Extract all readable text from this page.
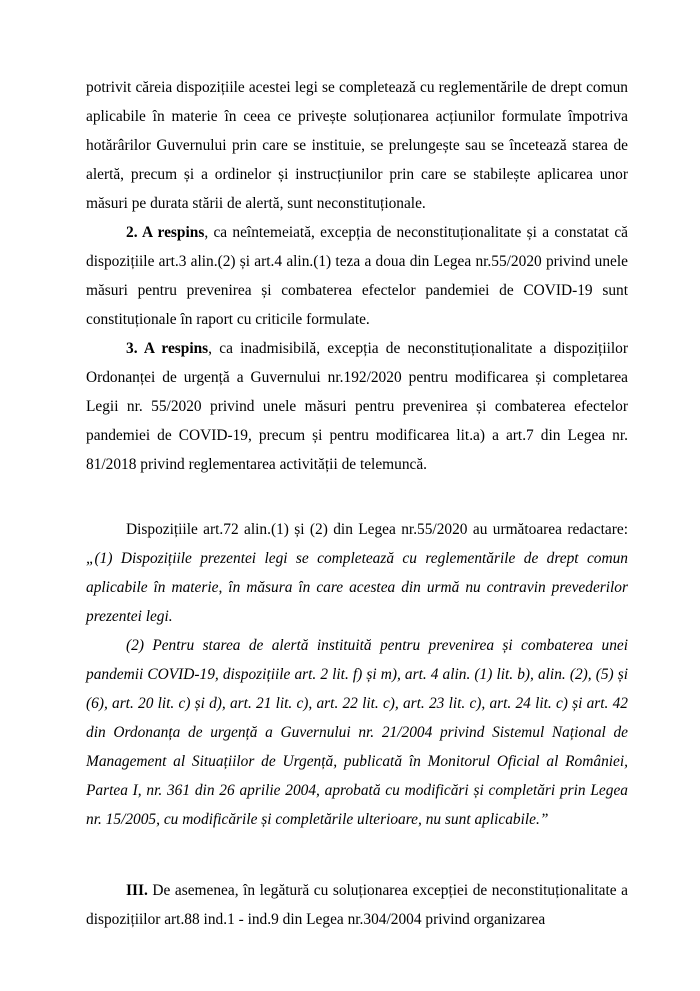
potrivit căreia dispozițiile acestei legi se completează cu reglementările de drept comun aplicabile în materie în ceea ce privește soluționarea acțiunilor formulate împotriva hotărârilor Guvernului prin care se instituie, se prelungește sau se încetează starea de alertă, precum și a ordinelor și instrucțiunilor prin care se stabilește aplicarea unor măsuri pe durata stării de alertă, sunt neconstituționale.

2. A respins, ca neîntemeiată, excepția de neconstituționalitate și a constatat că dispozițiile art.3 alin.(2) și art.4 alin.(1) teza a doua din Legea nr.55/2020 privind unele măsuri pentru prevenirea și combaterea efectelor pandemiei de COVID-19 sunt constituționale în raport cu criticile formulate.

3. A respins, ca inadmisibilă, excepția de neconstituționalitate a dispozițiilor Ordonanței de urgență a Guvernului nr.192/2020 pentru modificarea și completarea Legii nr. 55/2020 privind unele măsuri pentru prevenirea și combaterea efectelor pandemiei de COVID-19, precum și pentru modificarea lit.a) a art.7 din Legea nr. 81/2018 privind reglementarea activității de telemuncă.

Dispozițiile art.72 alin.(1) și (2) din Legea nr.55/2020 au următoarea redactare: „(1) Dispozițiile prezentei legi se completează cu reglementările de drept comun aplicabile în materie, în măsura în care acestea din urmă nu contravin prevederilor prezentei legi.

(2) Pentru starea de alertă instituită pentru prevenirea și combaterea unei pandemii COVID-19, dispozițiile art. 2 lit. f) și m), art. 4 alin. (1) lit. b), alin. (2), (5) și (6), art. 20 lit. c) și d), art. 21 lit. c), art. 22 lit. c), art. 23 lit. c), art. 24 lit. c) și art. 42 din Ordonanța de urgență a Guvernului nr. 21/2004 privind Sistemul Național de Management al Situațiilor de Urgență, publicată în Monitorul Oficial al României, Partea I, nr. 361 din 26 aprilie 2004, aprobată cu modificări și completări prin Legea nr. 15/2005, cu modificările și completările ulterioare, nu sunt aplicabile.”

III. De asemenea, în legătură cu soluționarea excepției de neconstituționalitate a dispozițiilor art.88 ind.1 - ind.9 din Legea nr.304/2004 privind organizarea
